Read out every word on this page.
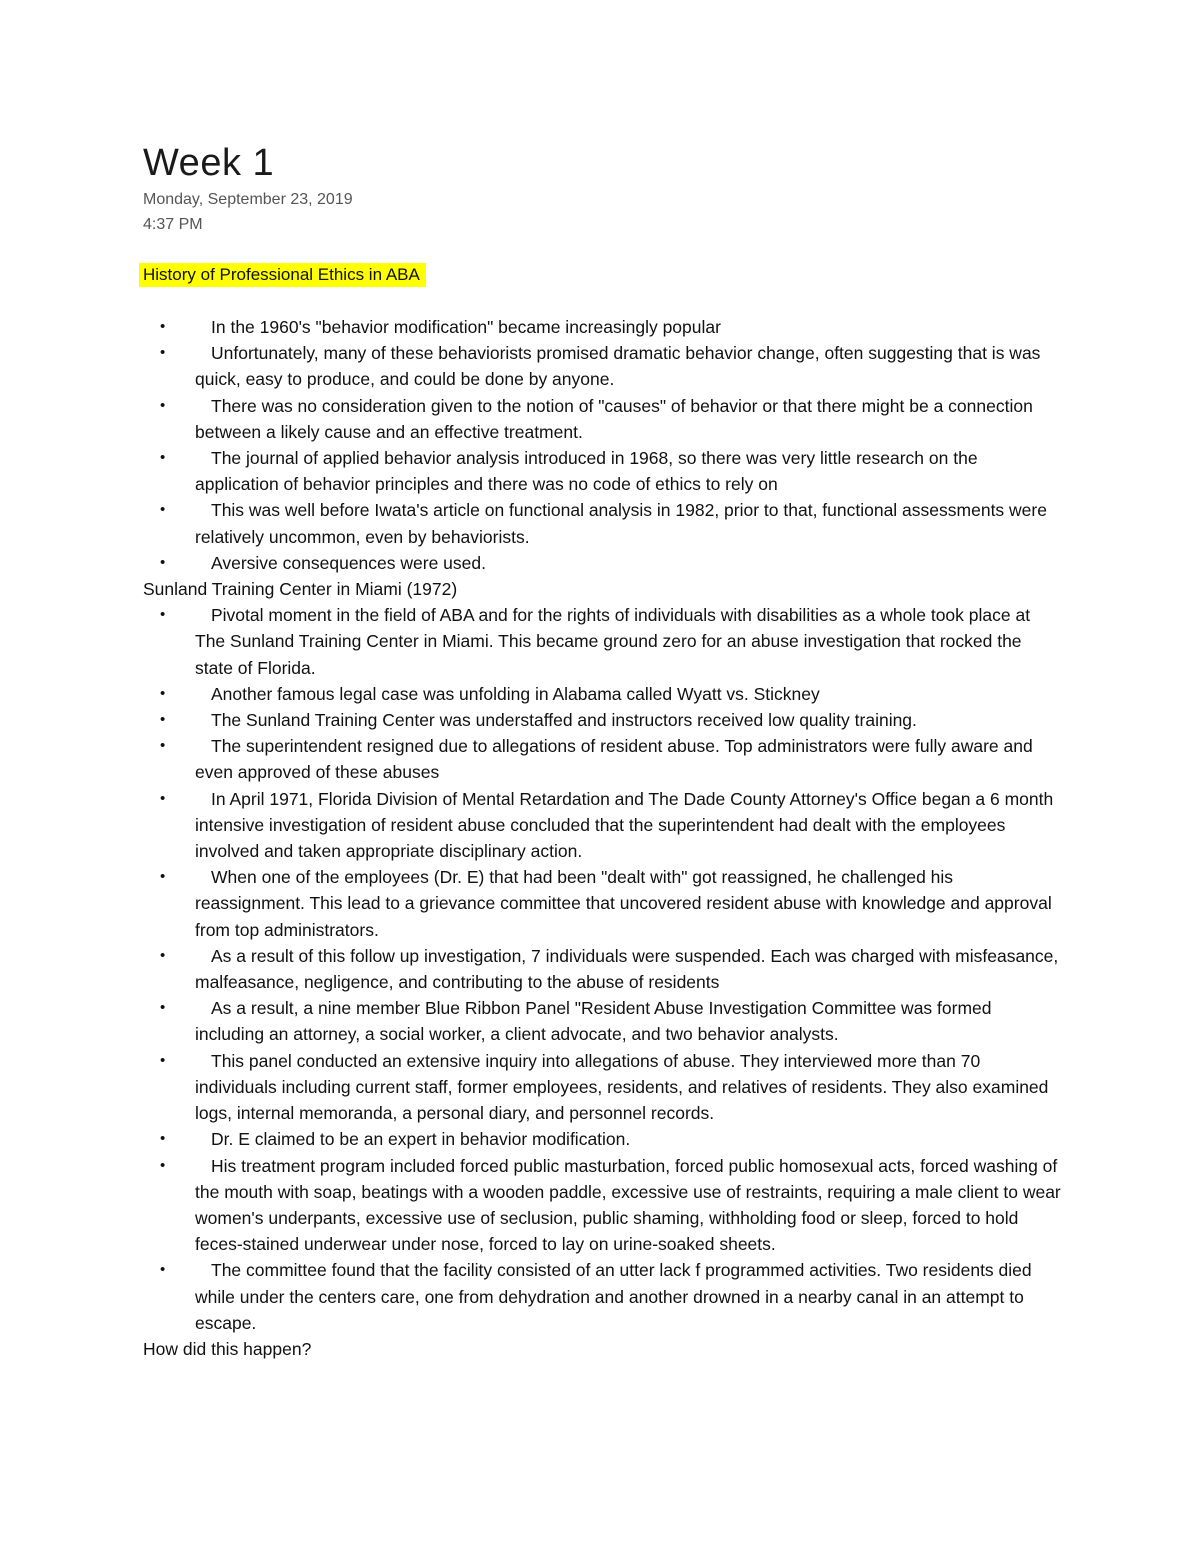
Week 1
Monday, September 23, 2019
4:37 PM
History of Professional Ethics in ABA
•	In the 1960's "behavior modification" became increasingly popular
•	Unfortunately, many of these behaviorists promised dramatic behavior change, often suggesting that is was quick, easy to produce, and could be done by anyone.
•	There was no consideration given to the notion of "causes" of behavior or that there might be a connection between a likely cause and an effective treatment.
•	The journal of applied behavior analysis introduced in 1968, so there was very little research on the application of behavior principles and there was no code of ethics to rely on
•	This was well before Iwata's article on functional analysis in 1982, prior to that, functional assessments were relatively uncommon, even by behaviorists.
•	Aversive consequences were used.

Sunland Training Center in Miami (1972)

•	Pivotal moment in the field of ABA and for the rights of individuals with disabilities as a whole took place at The Sunland Training Center in Miami. This became ground zero for an abuse investigation that rocked the state of Florida.
•	Another famous legal case was unfolding in Alabama called Wyatt vs. Stickney
•	The Sunland Training Center was understaffed and instructors received low quality training.
•	The superintendent resigned due to allegations of resident abuse. Top administrators were fully aware and even approved of these abuses
•	In April 1971, Florida Division of Mental Retardation and The Dade County Attorney's Office began a 6 month intensive investigation of resident abuse concluded that the superintendent had dealt with the employees involved and taken appropriate disciplinary action.
•	When one of the employees (Dr. E) that had been "dealt with" got reassigned, he challenged his reassignment. This lead to a grievance committee that uncovered resident abuse with knowledge and approval from top administrators.
•	As a result of this follow up investigation, 7 individuals were suspended. Each was charged with misfeasance, malfeasance, negligence, and contributing to the abuse of residents
•	As a result, a nine member Blue Ribbon Panel "Resident Abuse Investigation Committee was formed including an attorney, a social worker, a client advocate, and two behavior analysts.
•	This panel conducted an extensive inquiry into allegations of abuse. They interviewed more than 70 individuals including current staff, former employees, residents, and relatives of residents. They also examined logs, internal memoranda, a personal diary, and personnel records.
•	Dr. E claimed to be an expert in behavior modification.
•	His treatment program included forced public masturbation, forced public homosexual acts, forced washing of the mouth with soap, beatings with a wooden paddle, excessive use of restraints, requiring a male client to wear women's underpants, excessive use of seclusion, public shaming, withholding food or sleep, forced to hold feces-stained underwear under nose, forced to lay on urine-soaked sheets.
•	The committee found that the facility consisted of an utter lack f programmed activities. Two residents died while under the centers care, one from dehydration and another drowned in a nearby canal in an attempt to escape.

How did this happen?
